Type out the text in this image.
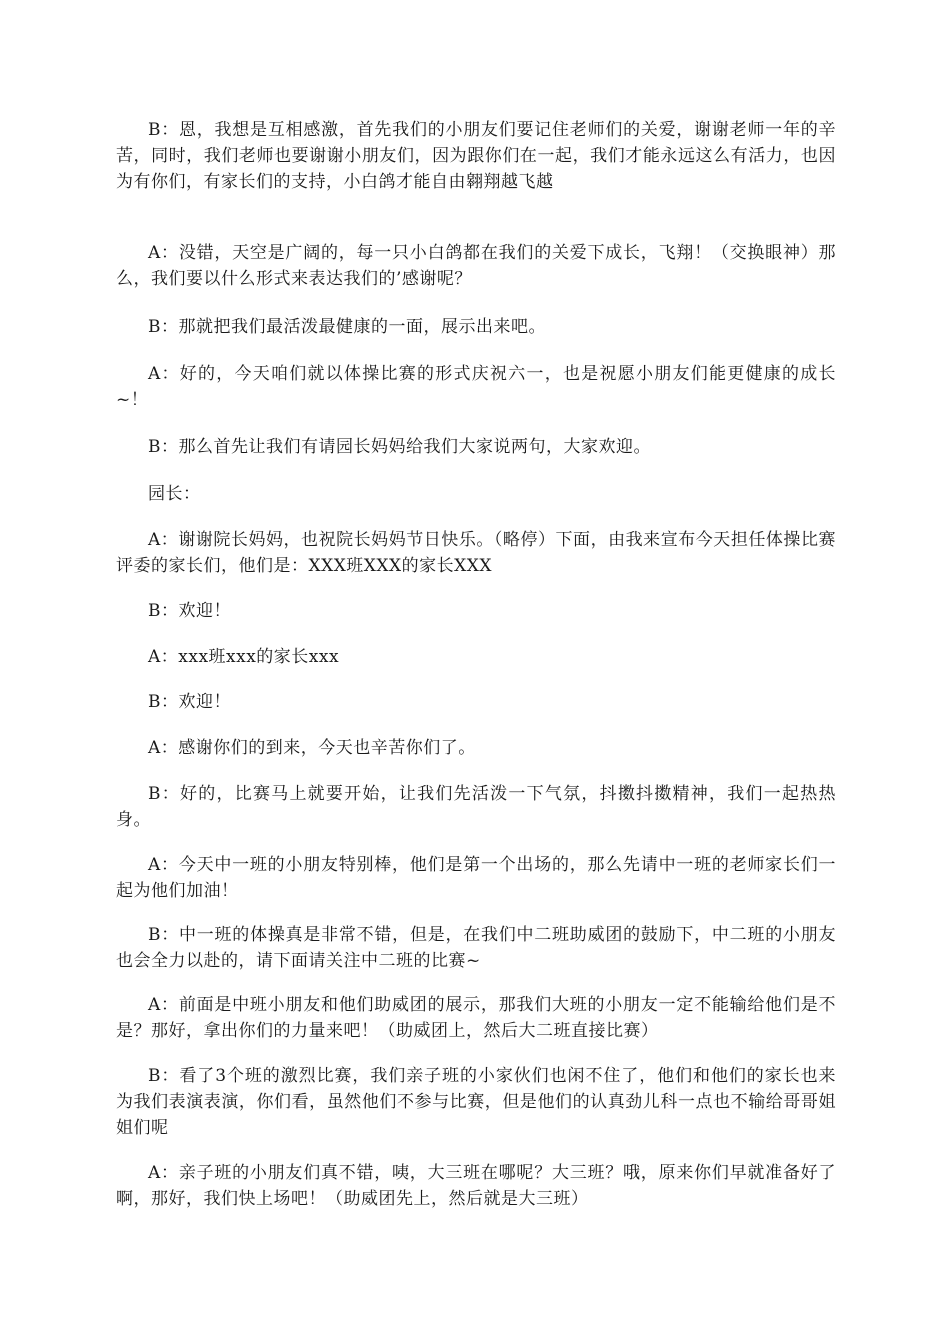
B：恩，我想是互相感激，首先我们的小朋友们要记住老师们的关爱，谢谢老师一年的辛苦，同时，我们老师也要谢谢小朋友们，因为跟你们在一起，我们才能永远这么有活力，也因为有你们，有家长们的支持，小白鸽才能自由翱翔越飞越

A：没错，天空是广阔的，每一只小白鸽都在我们的关爱下成长，飞翔！（交换眼神）那么，我们要以什么形式来表达我们的’感谢呢？

B：那就把我们最活泼最健康的一面，展示出来吧。

A：好的，今天咱们就以体操比赛的形式庆祝六一，也是祝愿小朋友们能更健康的成长~！

B：那么首先让我们有请园长妈妈给我们大家说两句，大家欢迎。

园长：

A：谢谢院长妈妈，也祝院长妈妈节日快乐。（略停）下面，由我来宣布今天担任体操比赛评委的家长们，他们是：XXX班XXX的家长XXX

B：欢迎！

A：xxx班xxx的家长xxx

B：欢迎！

A：感谢你们的到来，今天也辛苦你们了。

B：好的，比赛马上就要开始，让我们先活泼一下气氛，抖擞抖擞精神，我们一起热热身。

A：今天中一班的小朋友特别棒，他们是第一个出场的，那么先请中一班的老师家长们一起为他们加油！

B：中一班的体操真是非常不错，但是，在我们中二班助威团的鼓励下，中二班的小朋友也会全力以赴的，请下面请关注中二班的比赛~

A：前面是中班小朋友和他们助威团的展示，那我们大班的小朋友一定不能输给他们是不是？那好，拿出你们的力量来吧！（助威团上，然后大二班直接比赛）

B：看了3个班的激烈比赛，我们亲子班的小家伙们也闲不住了，他们和他们的家长也来为我们表演表演，你们看，虽然他们不参与比赛，但是他们的认真劲儿科一点也不输给哥哥姐姐们呢

A：亲子班的小朋友们真不错，咦，大三班在哪呢？大三班？哦，原来你们早就准备好了啊，那好，我们快上场吧！（助威团先上，然后就是大三班）
